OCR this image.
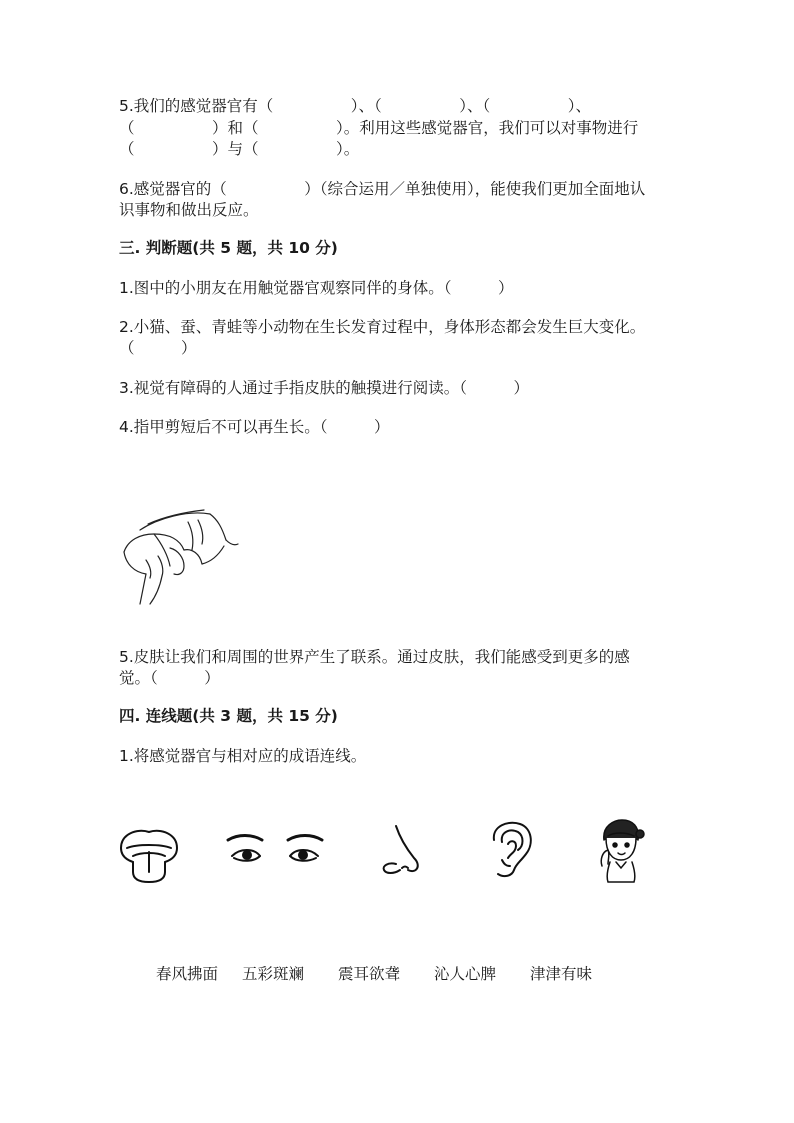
5.我们的感觉器官有（　　　　　）、（　　　　　）、（　　　　　）、
（　　　　　）和（　　　　　）。利用这些感觉器官，我们可以对事物进行
（　　　　　）与（　　　　　）。
6.感觉器官的（　　　　　）（综合运用／单独使用），能使我们更加全面地认
识事物和做出反应。
三. 判断题(共 5 题，共 10 分)
1.图中的小朋友在用触觉器官观察同伴的身体。（　　　）
2.小猫、蚕、青蛙等小动物在生长发育过程中，身体形态都会发生巨大变化。
（　　　）
3.视觉有障碍的人通过手指皮肤的触摸进行阅读。（　　　）
4.指甲剪短后不可以再生长。（　　　）
5.皮肤让我们和周围的世界产生了联系。通过皮肤，我们能感受到更多的感
觉。（　　　）
四. 连线题(共 3 题，共 15 分)
1.将感觉器官与相对应的成语连线。
春风拂面 五彩斑斓 震耳欲聋 沁人心脾 津津有味
